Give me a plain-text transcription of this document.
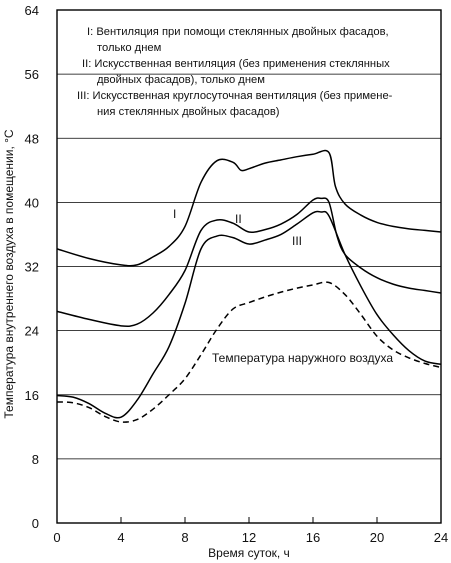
0
8
16
24
32
40
48
56
64
0	4	8	12	16	20	24
I: Вентиляция при помощи стеклянных двойных фасадов,
только днем
II: Искусственная вентиляция (без применения стеклянных
двойных фасадов), только днем
III: Искусственная круглосуточная вентиляция (без примене-
ния стеклянных двойных фасадов)
I	II
III
Температура наружного воздуха
Время суток, ч
Температура внутреннего воздуха в помещении, °C
